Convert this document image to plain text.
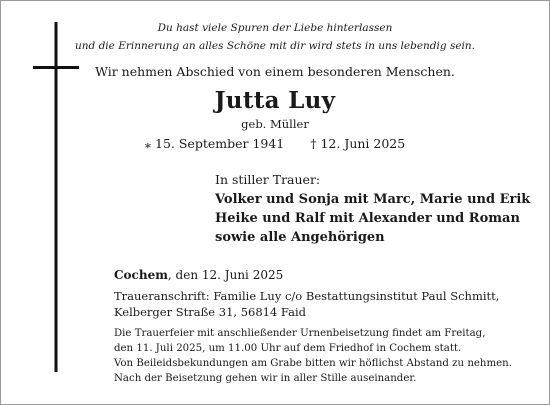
Du hast viele Spuren der Liebe hinterlassen
und die Erinnerung an alles Schöne mit dir wird stets in uns lebendig sein.
Wir nehmen Abschied von einem besonderen Menschen.
Jutta Luy
geb. Müller
⁎ 15. September 1941 † 12. Juni 2025
In stiller Trauer:
Volker und Sonja mit Marc, Marie und Erik
Heike und Ralf mit Alexander und Roman
sowie alle Angehörigen
Cochem, den 12. Juni 2025
Traueranschrift: Familie Luy c/o Bestattungsinstitut Paul Schmitt,
Kelberger Straße 31, 56814 Faid
Die Trauerfeier mit anschließender Urnenbeisetzung findet am Freitag,
den 11. Juli 2025, um 11.00 Uhr auf dem Friedhof in Cochem statt.
Von Beileidsbekundungen am Grabe bitten wir höflichst Abstand zu nehmen.
Nach der Beisetzung gehen wir in aller Stille auseinander.
